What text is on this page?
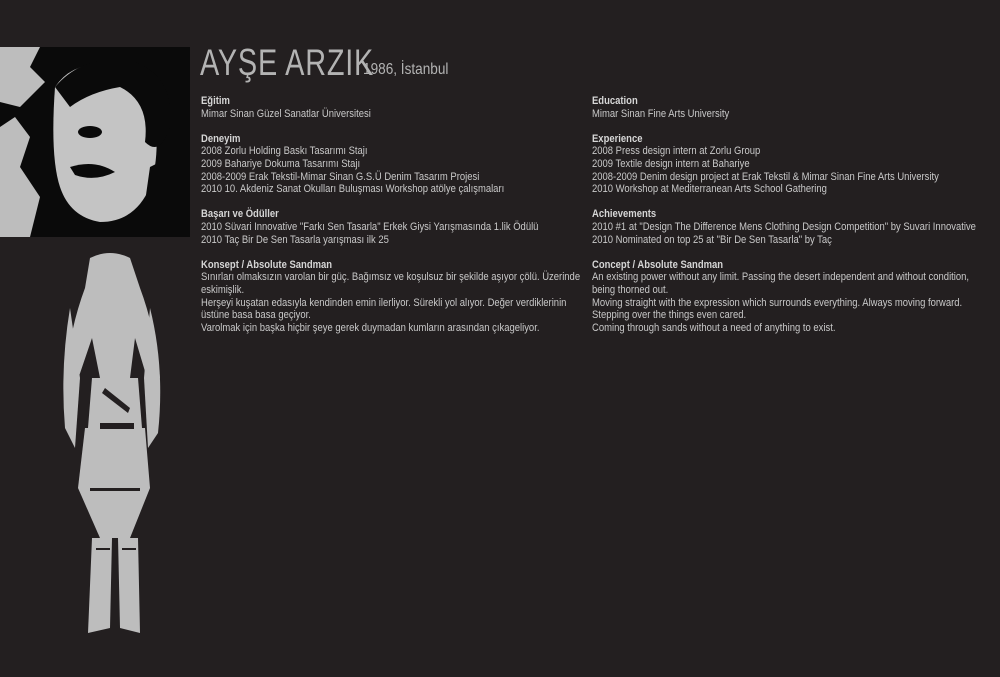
AYŞE ARZIK
1986, İstanbul
Eğitim
Mimar Sinan Güzel Sanatlar Üniversitesi
Deneyim
2008 Zorlu Holding Baskı Tasarımı Stajı
2009 Bahariye Dokuma Tasarımı Stajı
2008-2009 Erak Tekstil-Mimar Sinan G.S.Ü Denim Tasarım Projesi
2010 10. Akdeniz Sanat Okulları Buluşması Workshop atölye çalışmaları
Başarı ve Ödüller
2010 Süvari Innovative "Farkı Sen Tasarla" Erkek Giysi Yarışmasında 1.lik Ödülü
2010 Taç Bir De Sen Tasarla yarışması ilk 25
Konsept / Absolute Sandman
Sınırları olmaksızın varolan bir güç. Bağımsız ve koşulsuz bir şekilde aşıyor çölü. Üzerinde
eskimişlik.
Herşeyi kuşatan edasıyla kendinden emin ilerliyor. Sürekli yol alıyor. Değer verdiklerinin
üstüne basa basa geçiyor.
Varolmak için başka hiçbir şeye gerek duymadan kumların arasından çıkageliyor.
Education
Mimar Sinan Fine Arts University
Experience
2008 Press design intern at Zorlu Group
2009 Textile design intern at Bahariye
2008-2009 Denim design project at Erak Tekstil & Mimar Sinan Fine Arts University
2010 Workshop at Mediterranean Arts School Gathering
Achievements
2010 #1 at "Design The Difference Mens Clothing Design Competition" by Suvari Innovative
2010 Nominated on top 25 at "Bir De Sen Tasarla" by Taç
Concept / Absolute Sandman
An existing power without any limit. Passing the desert independent and without condition,
being thorned out.
Moving straight with the expression which surrounds everything. Always moving forward.
Stepping over the things even cared.
Coming through sands without a need of anything to exist.
